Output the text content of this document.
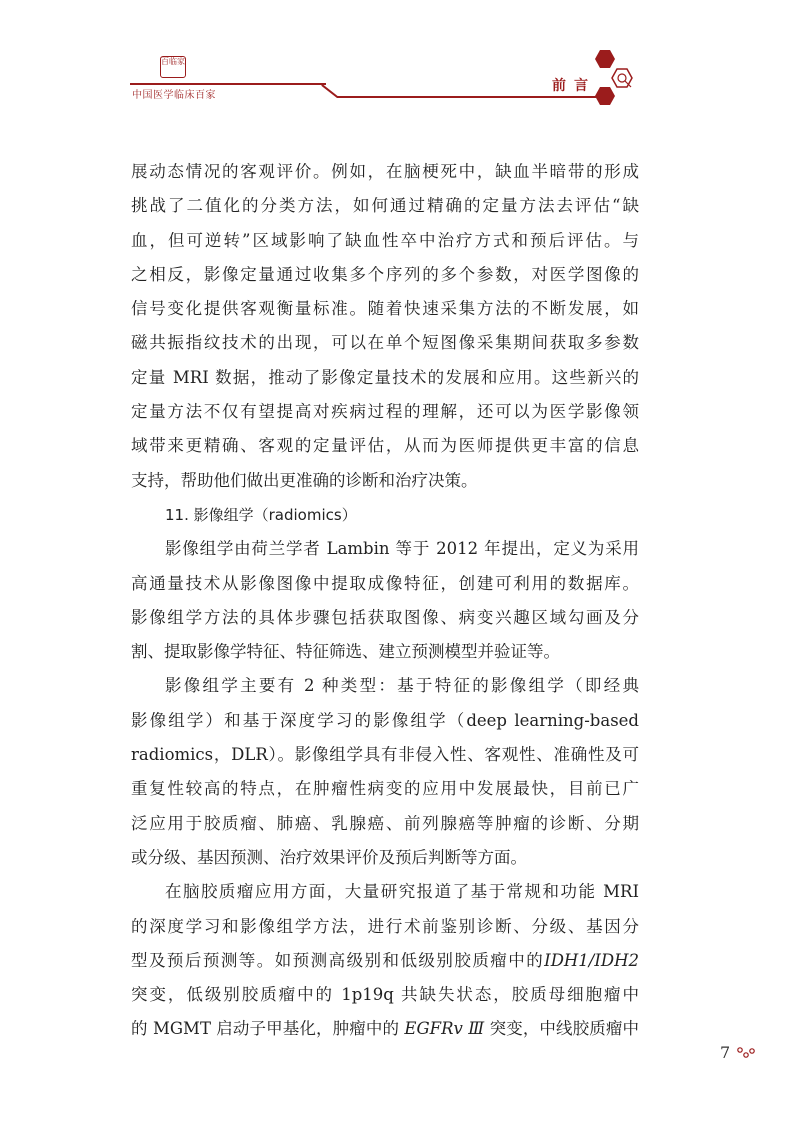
百临家
中国医学临床百家
前言
展动态情况的客观评价。例如，在脑梗死中，缺血半暗带的形成
挑战了二值化的分类方法，如何通过精确的定量方法去评估“缺
血，但可逆转”区域影响了缺血性卒中治疗方式和预后评估。与
之相反，影像定量通过收集多个序列的多个参数，对医学图像的
信号变化提供客观衡量标准。随着快速采集方法的不断发展，如
磁共振指纹技术的出现，可以在单个短图像采集期间获取多参数
定量 MRI 数据，推动了影像定量技术的发展和应用。这些新兴的
定量方法不仅有望提高对疾病过程的理解，还可以为医学影像领
域带来更精确、客观的定量评估，从而为医师提供更丰富的信息
支持，帮助他们做出更准确的诊断和治疗决策。
11. 影像组学（radiomics）
影像组学由荷兰学者 Lambin 等于 2012 年提出，定义为采用
高通量技术从影像图像中提取成像特征，创建可利用的数据库。
影像组学方法的具体步骤包括获取图像、病变兴趣区域勾画及分
割、提取影像学特征、特征筛选、建立预测模型并验证等。
影像组学主要有 2 种类型：基于特征的影像组学（即经典
影像组学）和基于深度学习的影像组学（deep learning-based
radiomics，DLR）。影像组学具有非侵入性、客观性、准确性及可
重复性较高的特点，在肿瘤性病变的应用中发展最快，目前已广
泛应用于胶质瘤、肺癌、乳腺癌、前列腺癌等肿瘤的诊断、分期
或分级、基因预测、治疗效果评价及预后判断等方面。
在脑胶质瘤应用方面，大量研究报道了基于常规和功能 MRI
的深度学习和影像组学方法，进行术前鉴别诊断、分级、基因分
型及预后预测等。如预测高级别和低级别胶质瘤中的IDH1/IDH2
突变，低级别胶质瘤中的 1p19q 共缺失状态，胶质母细胞瘤中
的 MGMT 启动子甲基化，肿瘤中的 EGFRv Ⅲ 突变，中线胶质瘤中
7
